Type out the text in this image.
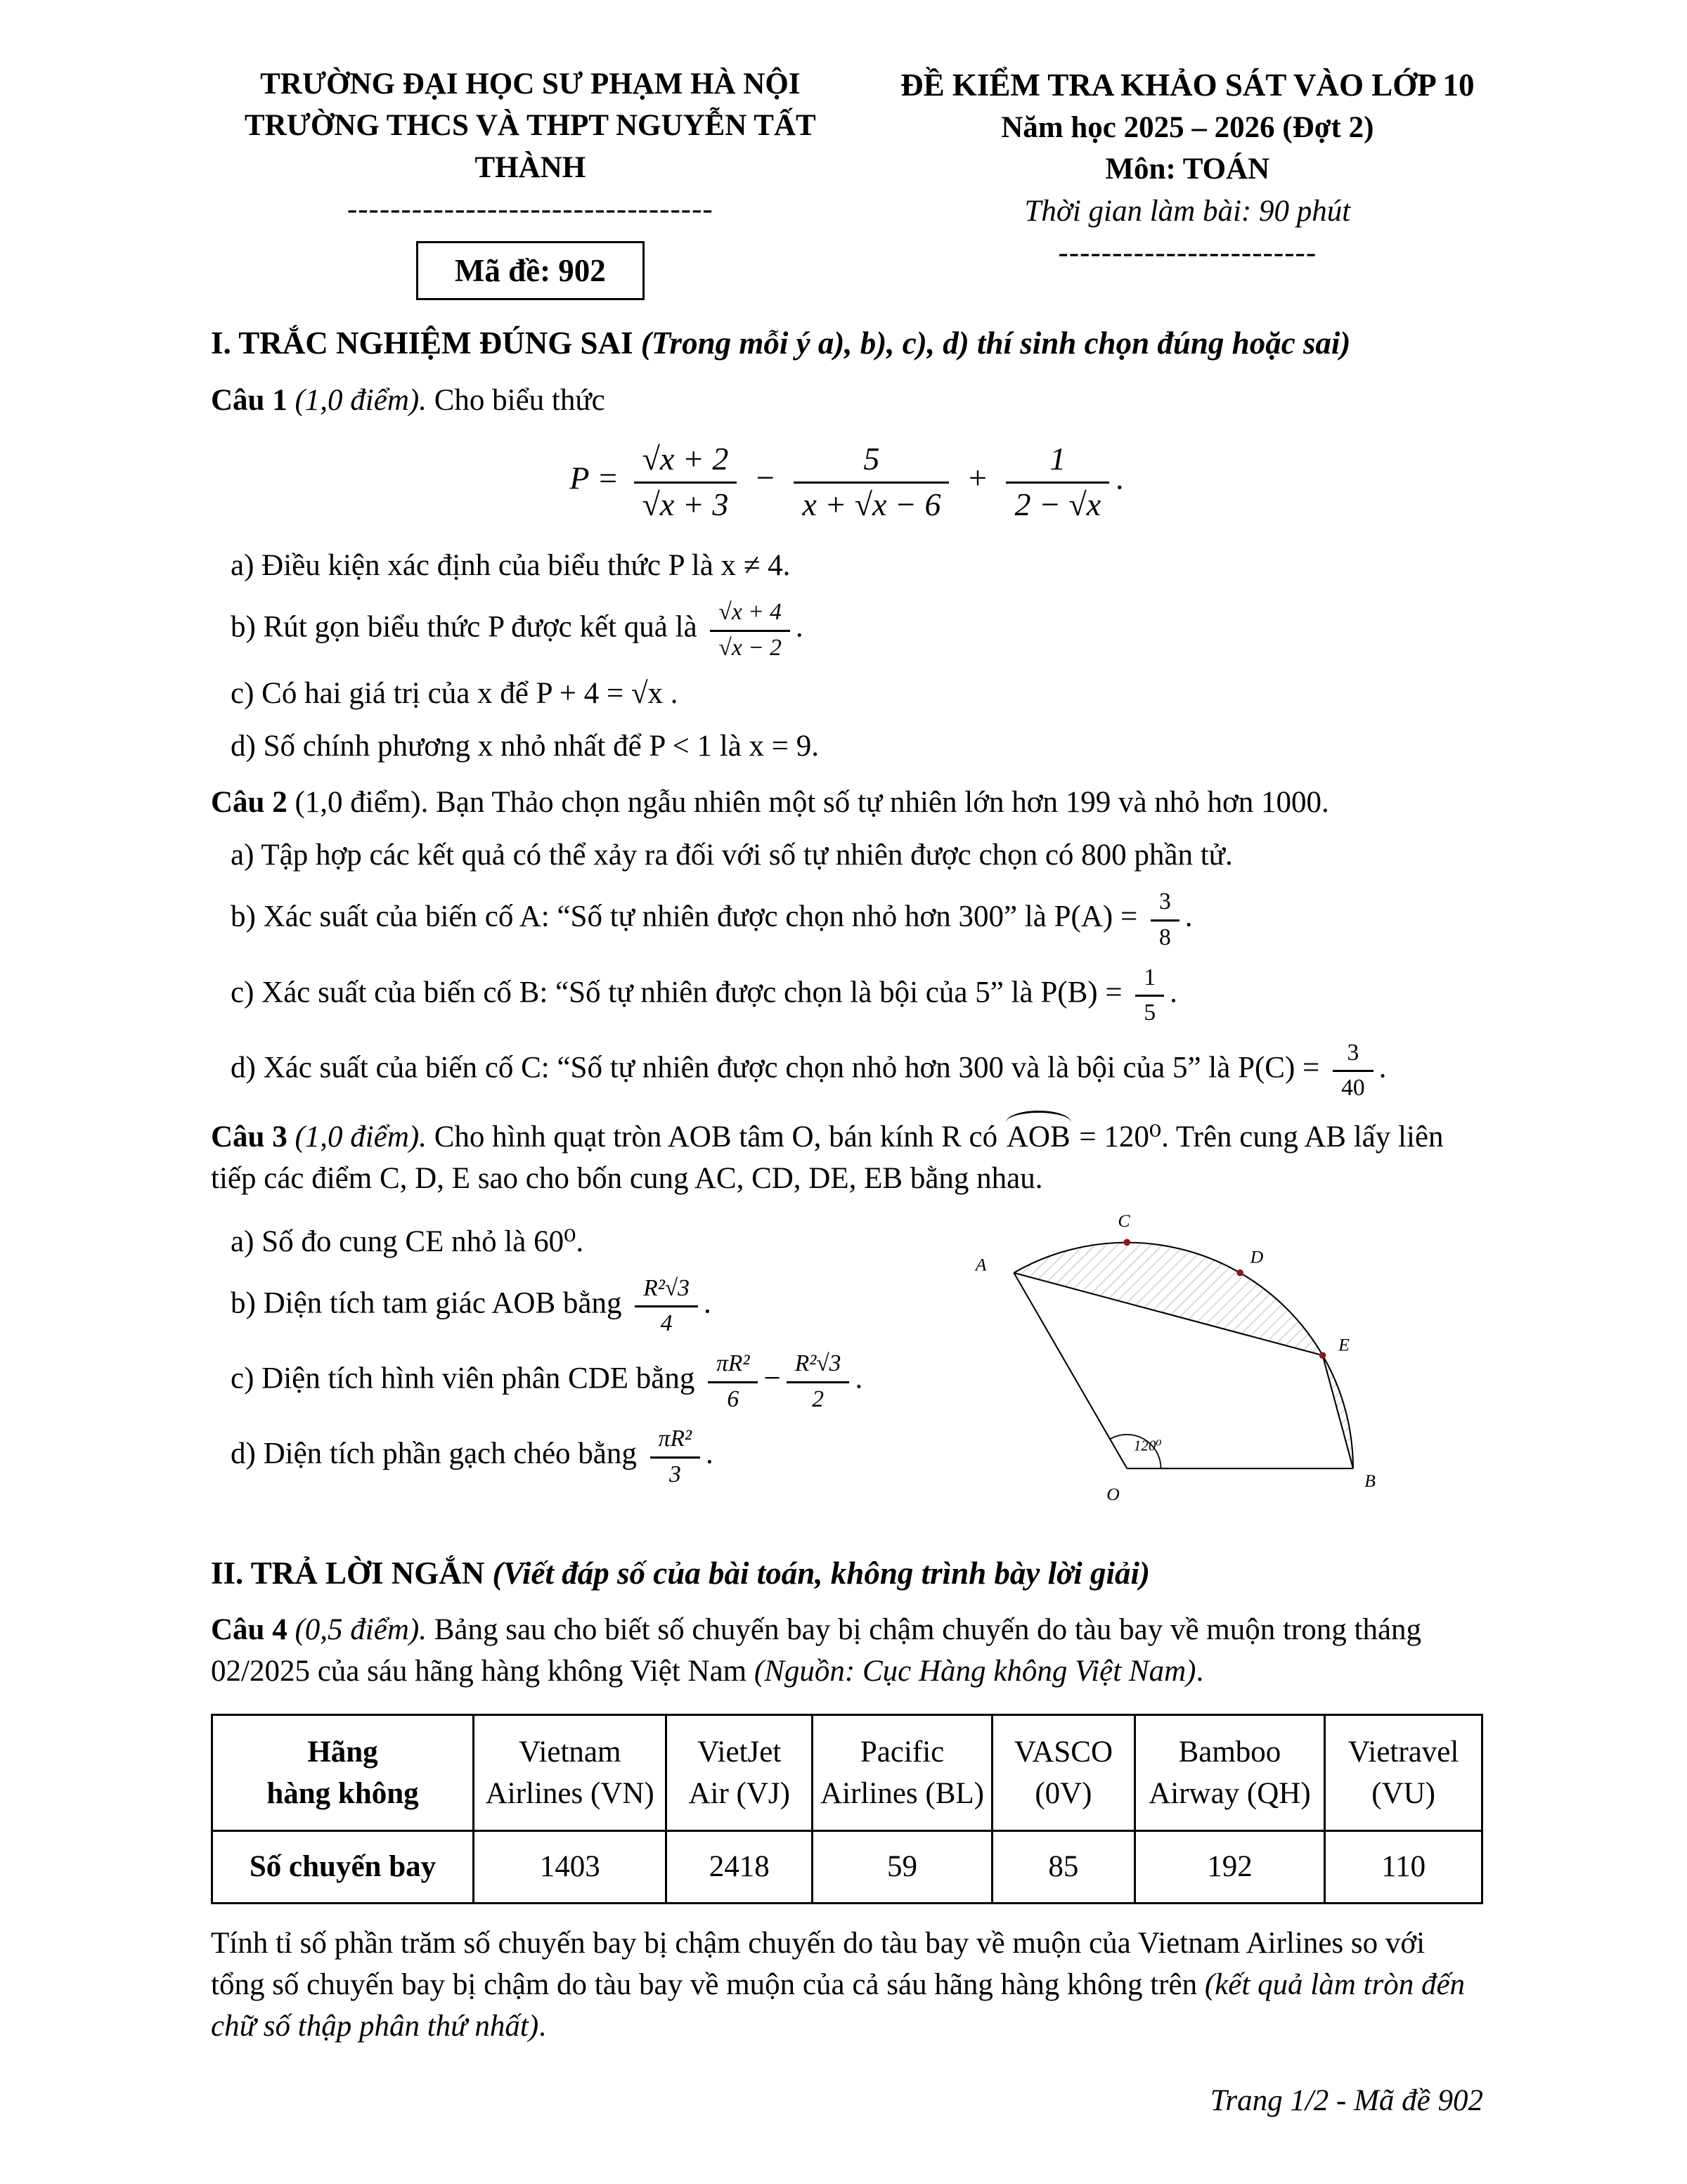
TRƯỜNG ĐẠI HỌC SƯ PHẠM HÀ NỘI
TRƯỜNG THCS VÀ THPT NGUYỄN TẤT THÀNH
----------------------------------
Mã đề: 902
ĐỀ KIỂM TRA KHẢO SÁT VÀO LỚP 10
Năm học 2025 – 2026 (Đợt 2)
Môn: TOÁN
Thời gian làm bài: 90 phút
------------------------
I. TRẮC NGHIỆM ĐÚNG SAI (Trong mỗi ý a), b), c), d) thí sinh chọn đúng hoặc sai)
Câu 1 (1,0 điểm). Cho biểu thức
$P = \frac{√x + 2}{√x + 3} - \frac{5}{x + √x - 6} + \frac{1}{2 - √x}$ .
a) Điều kiện xác định của biểu thức P là x ≠ 4.
b) Rút gọn biểu thức P được kết quả là $\frac{√x + 4}{√x - 2}$ .
c) Có hai giá trị của x để P + 4 = √x .
d) Số chính phương x nhỏ nhất để P < 1 là x = 9.
Câu 2 (1,0 điểm). Bạn Thảo chọn ngẫu nhiên một số tự nhiên lớn hơn 199 và nhỏ hơn 1000.
a) Tập hợp các kết quả có thể xảy ra đối với số tự nhiên được chọn có 800 phần tử.
b) Xác suất của biến cố A: “Số tự nhiên được chọn nhỏ hơn 300” là $P(A) = \frac{3}{8}$ .
c) Xác suất của biến cố B: “Số tự nhiên được chọn là bội của 5” là $P(B) = \frac{1}{5}$ .
d) Xác suất của biến cố C: “Số tự nhiên được chọn nhỏ hơn 300 và là bội của 5” là $P(C) = \frac{3}{40}$ .
Câu 3 (1,0 điểm). Cho hình quạt tròn AOB tâm O, bán kính R có AOB = 120⁰. Trên cung AB lấy liên tiếp các điểm C, D, E sao cho bốn cung AC, CD, DE, EB bằng nhau.
a) Số đo cung CE nhỏ là 60⁰.
b) Diện tích tam giác AOB bằng $\frac{\text{R²√3}}{4}$ .
c) Diện tích hình viên phân CDE bằng $\frac{\text{πR²}}{6} - \frac{\text{R²√3}}{2}$ .
d) Diện tích phần gạch chéo bằng $\frac{\text{πR²}}{3}$ .
A
C
D
E
B
O
120⁰
II. TRẢ LỜI NGẮN (Viết đáp số của bài toán, không trình bày lời giải)
Câu 4 (0,5 điểm). Bảng sau cho biết số chuyến bay bị chậm chuyến do tàu bay về muộn trong tháng 02/2025 của sáu hãng hàng không Việt Nam (Nguồn: Cục Hàng không Việt Nam).
Hãng
hàng không	Vietnam Airlines (VN)	VietJet Air (VJ)	Pacific Airlines (BL)	VASCO (0V)	Bamboo Airway (QH)	Vietravel (VU)
Số chuyến bay	1403	2418	59	85	192	110
Tính tỉ số phần trăm số chuyến bay bị chậm chuyến do tàu bay về muộn của Vietnam Airlines so với tổng số chuyến bay bị chậm do tàu bay về muộn của cả sáu hãng hàng không trên (kết quả làm tròn đến chữ số thập phân thứ nhất).
Trang 1/2 - Mã đề 902
